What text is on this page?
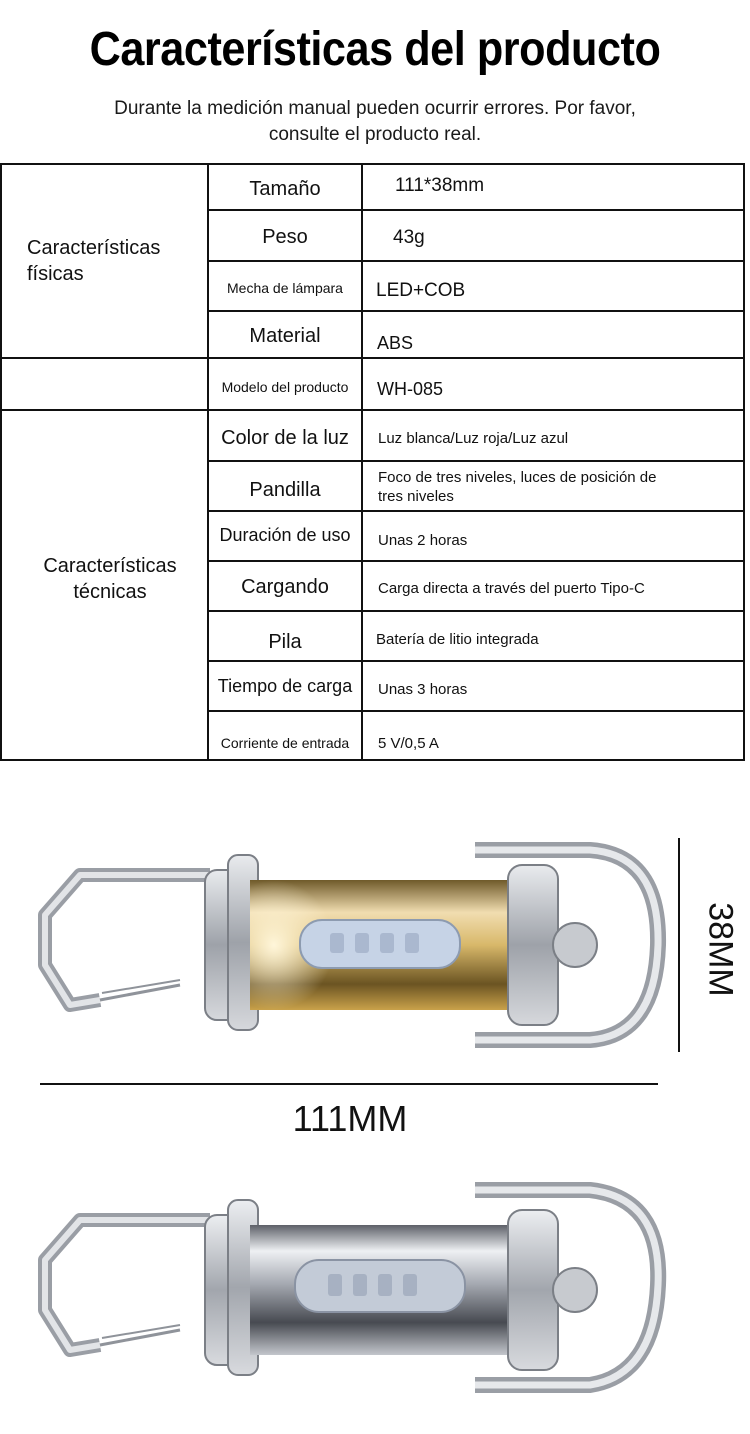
Características del producto
Durante la medición manual pueden ocurrir errores. Por favor, consulte el producto real.
Características físicas
Características técnicas
Tamaño
Peso
Mecha de lámpara
Material
Modelo del producto
Color de la luz
Pandilla
Duración de uso
Cargando
Pila
Tiempo de carga
Corriente de entrada
111*38mm
43g
LED+COB
ABS
WH-085
Luz blanca/Luz roja/Luz azul
Foco de tres niveles, luces de posición de tres niveles
Unas 2 horas
Carga directa a través del puerto Tipo-C
Batería de litio integrada
Unas 3 horas
5 V/0,5 A
38MM
111MM
